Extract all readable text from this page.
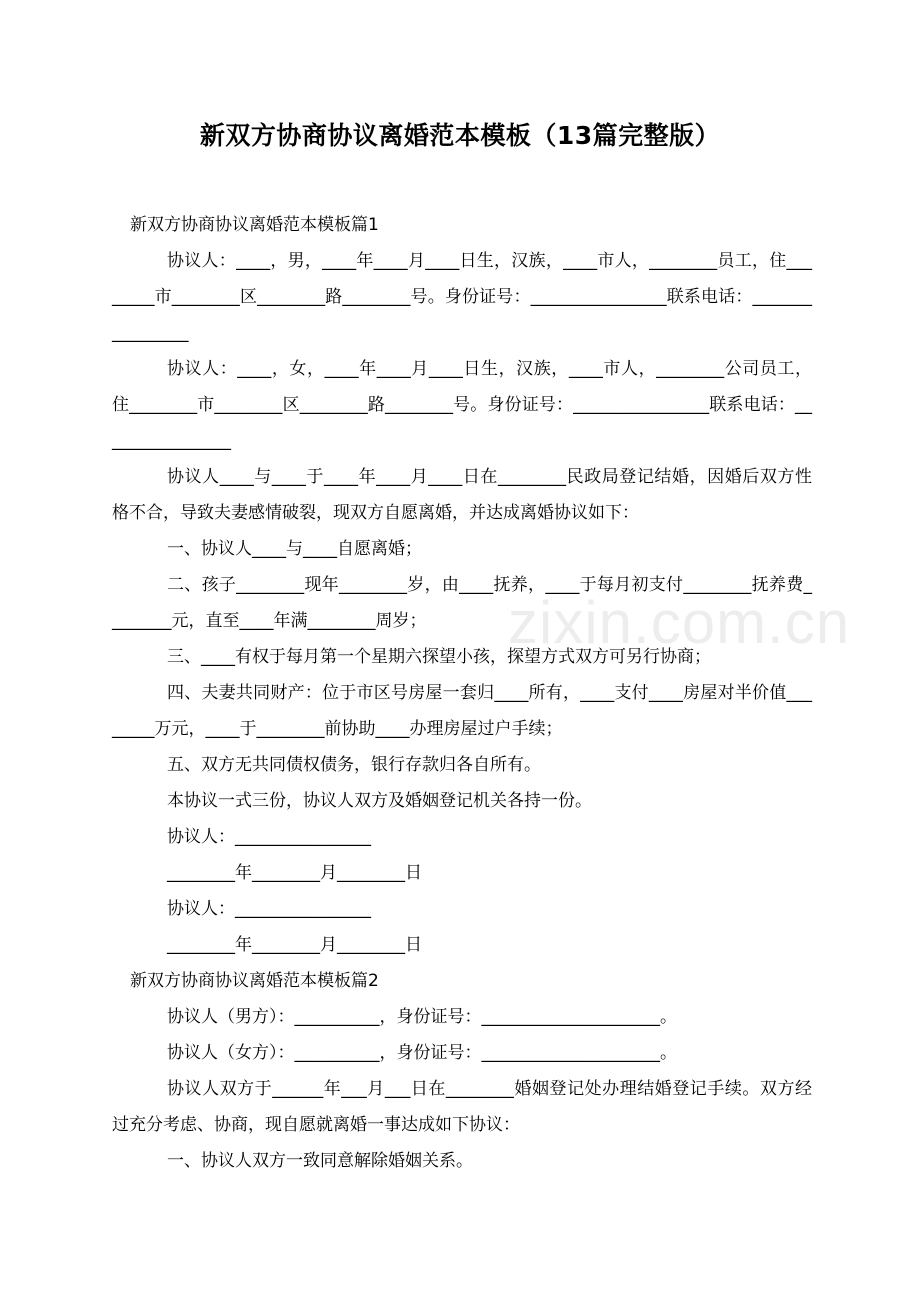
新双方协商协议离婚范本模板（13篇完整版）
zixin.com.cn

新双方协商协议离婚范本模板篇1

协议人：____，男，____年____月____日生，汉族，____市人，________员工，住________市________区________路________号。身份证号：________________联系电话：________________

协议人：____，女，____年____月____日生，汉族，____市人，________公司员工，住________市________区________路________号。身份证号：________________联系电话：________________

协议人____与____于____年____月____日在________民政局登记结婚，因婚后双方性格不合，导致夫妻感情破裂，现双方自愿离婚，并达成离婚协议如下：

一、协议人____与____自愿离婚；

二、孩子________现年________岁，由____抚养，____于每月初支付________抚养费________元，直至____年满________周岁；

三、____有权于每月第一个星期六探望小孩，探望方式双方可另行协商；

四、夫妻共同财产：位于市区号房屋一套归____所有，____支付____房屋对半价值________万元，____于________前协助____办理房屋过户手续；

五、双方无共同债权债务，银行存款归各自所有。

本协议一式三份，协议人双方及婚姻登记机关各持一份。

协议人：________________

________年________月________日

协议人：________________

________年________月________日

新双方协商协议离婚范本模板篇2

协议人（男方）：__________，身份证号：_____________________。

协议人（女方）：__________，身份证号：_____________________。

协议人双方于______年___月___日在________婚姻登记处办理结婚登记手续。双方经过充分考虑、协商，现自愿就离婚一事达成如下协议：

一、协议人双方一致同意解除婚姻关系。
